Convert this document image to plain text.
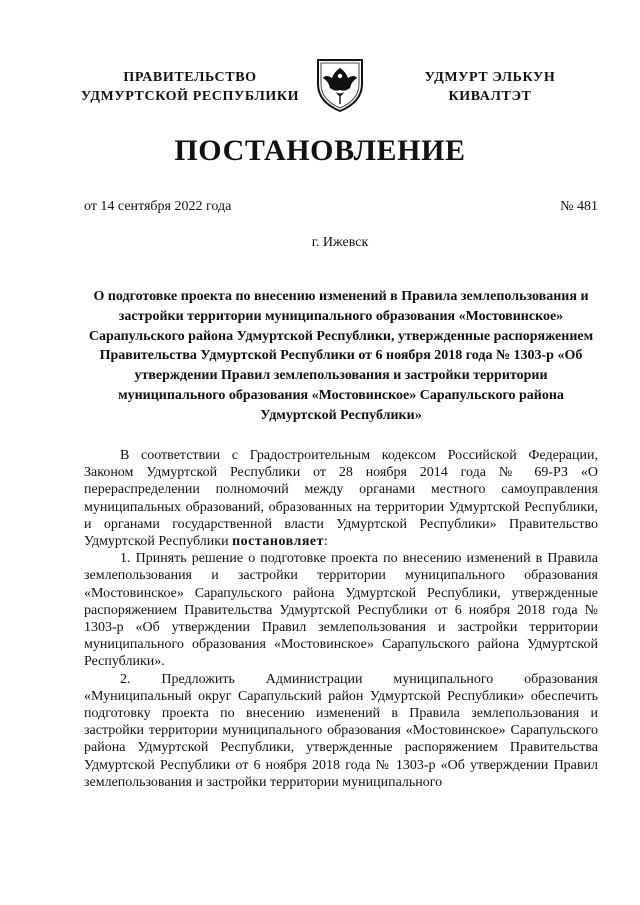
ПРАВИТЕЛЬСТВО
УДМУРТСКОЙ РЕСПУБЛИКИ
УДМУРТ ЭЛЬКУН
КИВАЛТЭТ
ПОСТАНОВЛЕНИЕ
от 14 сентября 2022 года	№ 481
г. Ижевск
О подготовке проекта по внесению изменений в Правила землепользования и застройки территории муниципального образования «Мостовинское» Сарапульского района Удмуртской Республики, утвержденные распоряжением Правительства Удмуртской Республики от 6 ноября 2018 года № 1303-р «Об утверждении Правил землепользования и застройки территории муниципального образования «Мостовинское» Сарапульского района Удмуртской Республики»

В соответствии с Градостроительным кодексом Российской Федерации, Законом Удмуртской Республики от 28 ноября 2014 года № 69-РЗ «О перераспределении полномочий между органами местного самоуправления муниципальных образований, образованных на территории Удмуртской Республики, и органами государственной власти Удмуртской Республики» Правительство Удмуртской Республики постановляет:

1. Принять решение о подготовке проекта по внесению изменений в Правила землепользования и застройки территории муниципального образования «Мостовинское» Сарапульского района Удмуртской Республики, утвержденные распоряжением Правительства Удмуртской Республики от 6 ноября 2018 года № 1303-р «Об утверждении Правил землепользования и застройки территории муниципального образования «Мостовинское» Сарапульского района Удмуртской Республики».

2. Предложить Администрации муниципального образования «Муниципальный округ Сарапульский район Удмуртской Республики» обеспечить подготовку проекта по внесению изменений в Правила землепользования и застройки территории муниципального образования «Мостовинское» Сарапульского района Удмуртской Республики, утвержденные распоряжением Правительства Удмуртской Республики от 6 ноября 2018 года № 1303-р «Об утверждении Правил землепользования и застройки территории муниципального
